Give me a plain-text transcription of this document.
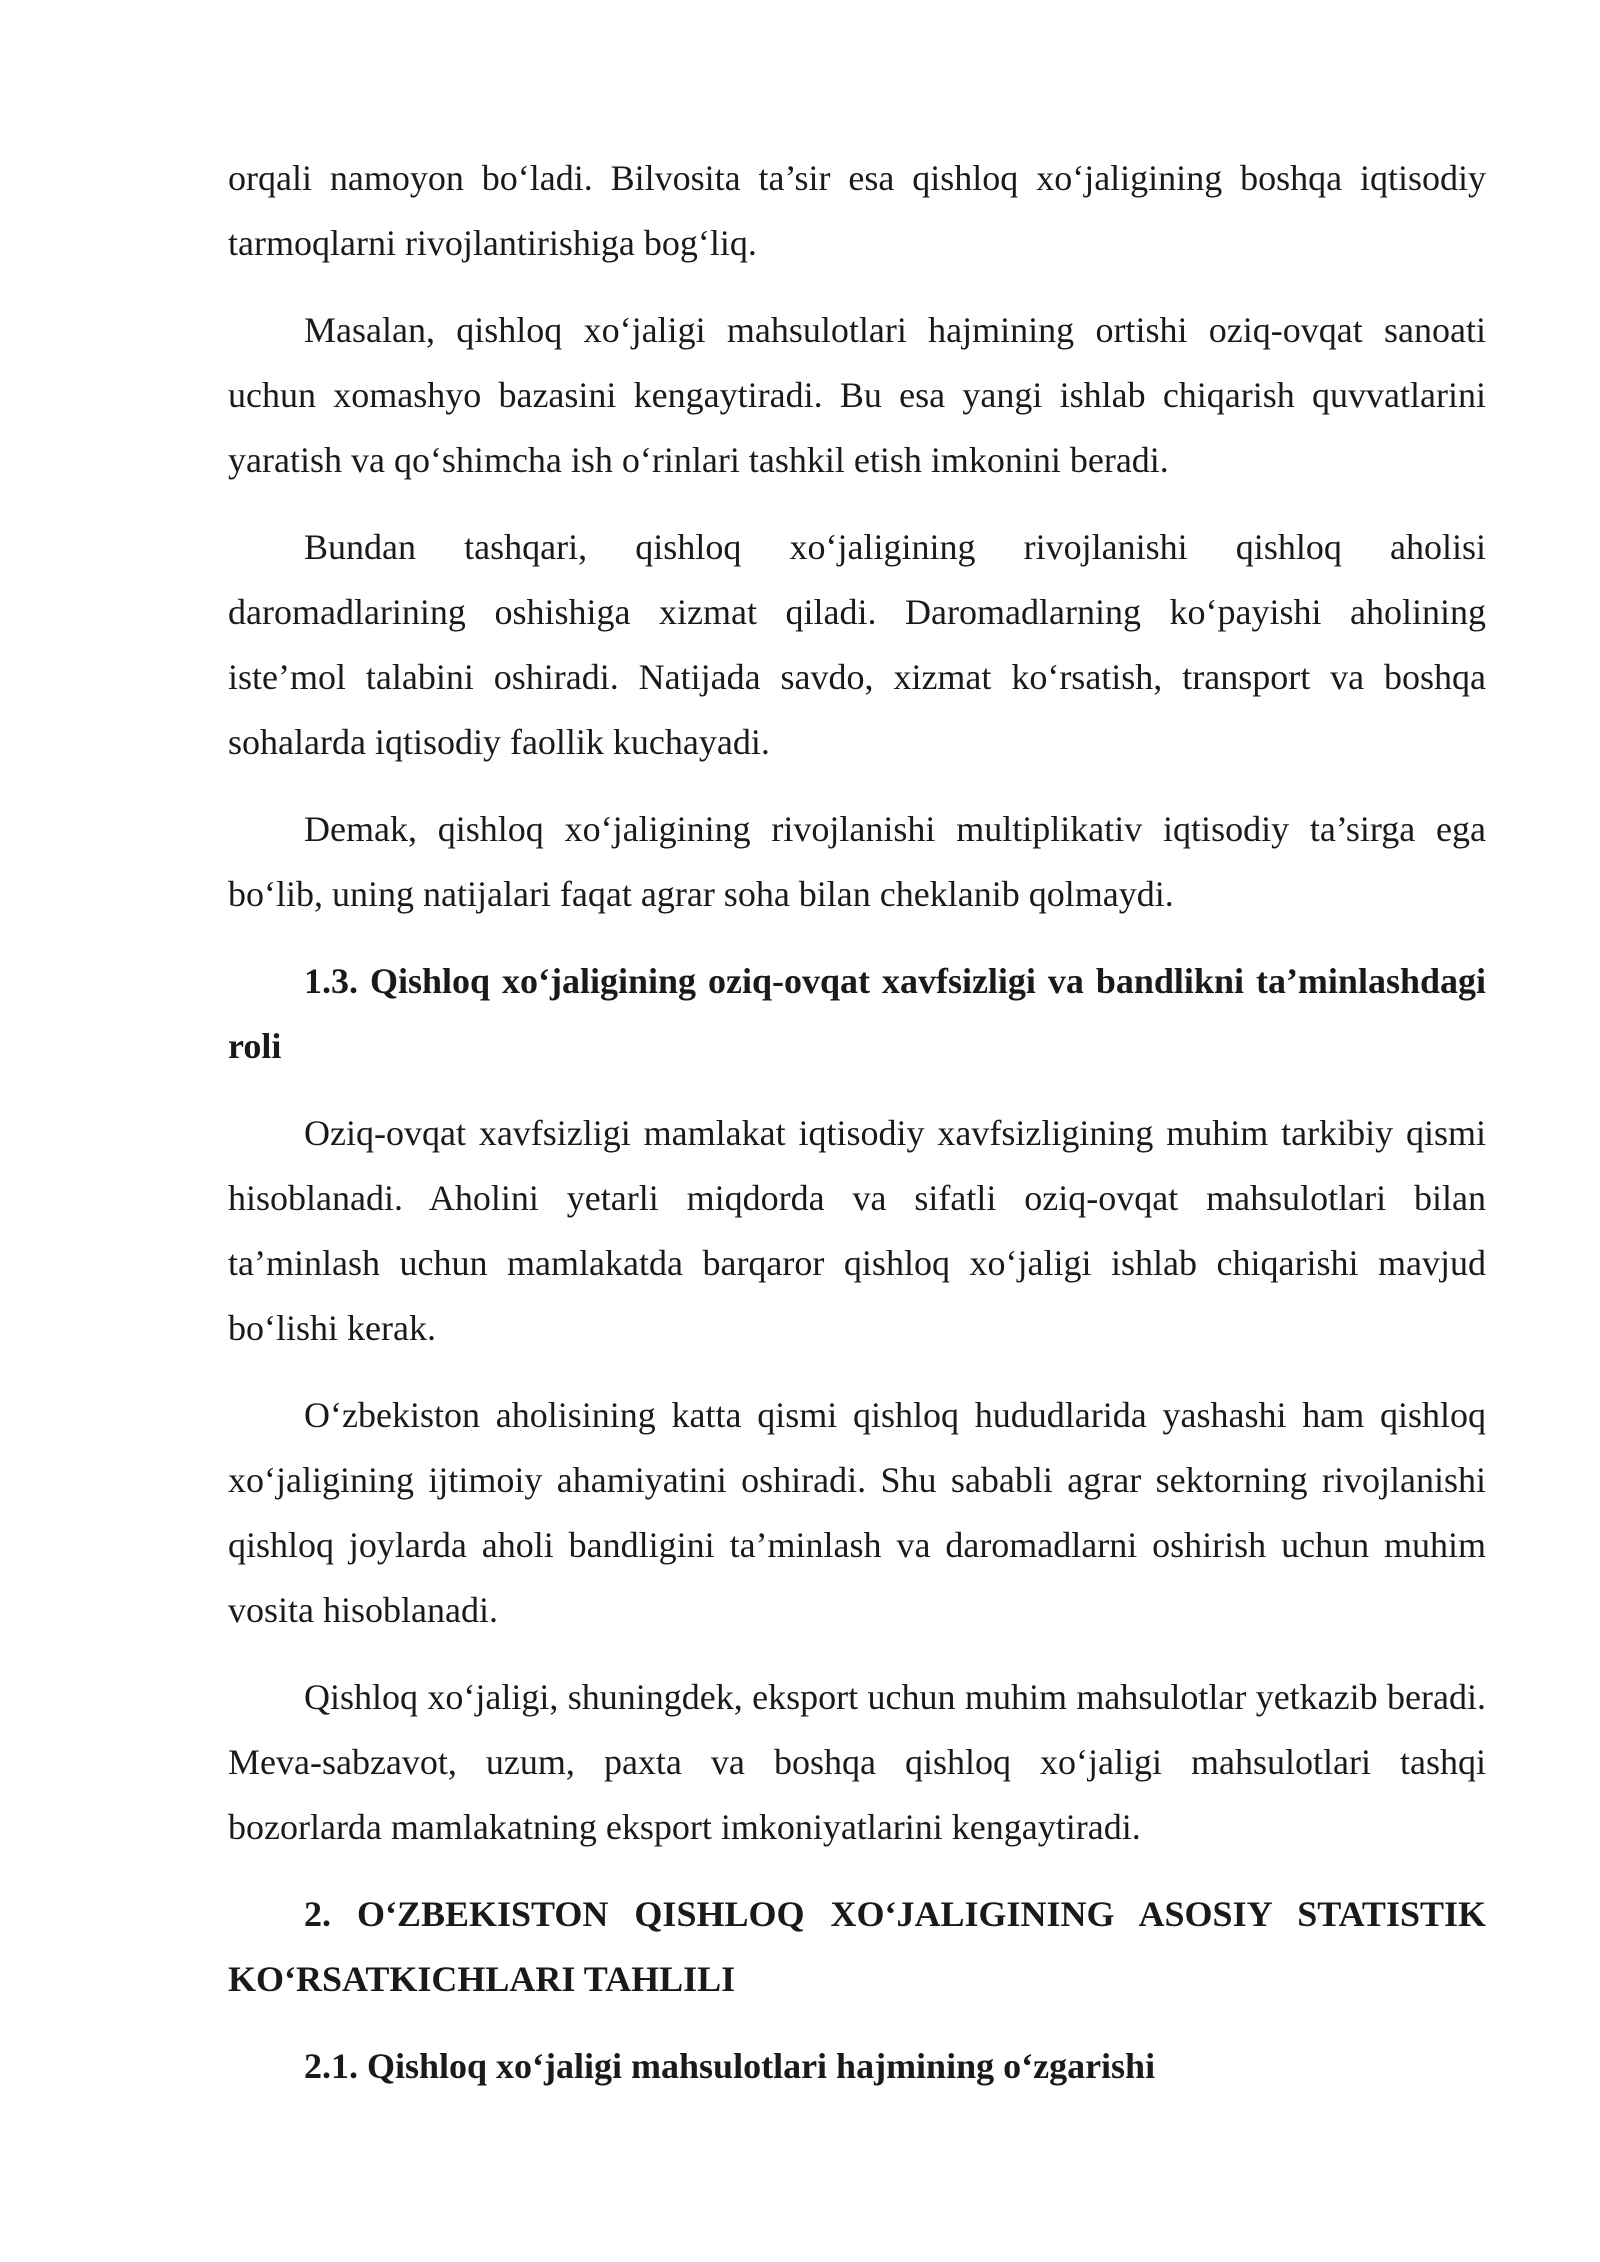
orqali namoyon bo‘ladi. Bilvosita ta’sir esa qishloq xo‘jaligining boshqa iqtisodiy tarmoqlarni rivojlantirishiga bog‘liq.

Masalan, qishloq xo‘jaligi mahsulotlari hajmining ortishi oziq-ovqat sanoati uchun xomashyo bazasini kengaytiradi. Bu esa yangi ishlab chiqarish quvvatlarini yaratish va qo‘shimcha ish o‘rinlari tashkil etish imkonini beradi.

Bundan tashqari, qishloq xo‘jaligining rivojlanishi qishloq aholisi daromadlarining oshishiga xizmat qiladi. Daromadlarning ko‘payishi aholining iste’mol talabini oshiradi. Natijada savdo, xizmat ko‘rsatish, transport va boshqa sohalarda iqtisodiy faollik kuchayadi.

Demak, qishloq xo‘jaligining rivojlanishi multiplikativ iqtisodiy ta’sirga ega bo‘lib, uning natijalari faqat agrar soha bilan cheklanib qolmaydi.

1.3. Qishloq xo‘jaligining oziq-ovqat xavfsizligi va bandlikni ta’minlashdagi roli

Oziq-ovqat xavfsizligi mamlakat iqtisodiy xavfsizligining muhim tarkibiy qismi hisoblanadi. Aholini yetarli miqdorda va sifatli oziq-ovqat mahsulotlari bilan ta’minlash uchun mamlakatda barqaror qishloq xo‘jaligi ishlab chiqarishi mavjud bo‘lishi kerak.

O‘zbekiston aholisining katta qismi qishloq hududlarida yashashi ham qishloq xo‘jaligining ijtimoiy ahamiyatini oshiradi. Shu sababli agrar sektorning rivojlanishi qishloq joylarda aholi bandligini ta’minlash va daromadlarni oshirish uchun muhim vosita hisoblanadi.

Qishloq xo‘jaligi, shuningdek, eksport uchun muhim mahsulotlar yetkazib beradi. Meva-sabzavot, uzum, paxta va boshqa qishloq xo‘jaligi mahsulotlari tashqi bozorlarda mamlakatning eksport imkoniyatlarini kengaytiradi.

2. O‘ZBEKISTON QISHLOQ XO‘JALIGINING ASOSIY STATISTIK KO‘RSATKICHLARI TAHLILI

2.1. Qishloq xo‘jaligi mahsulotlari hajmining o‘zgarishi
